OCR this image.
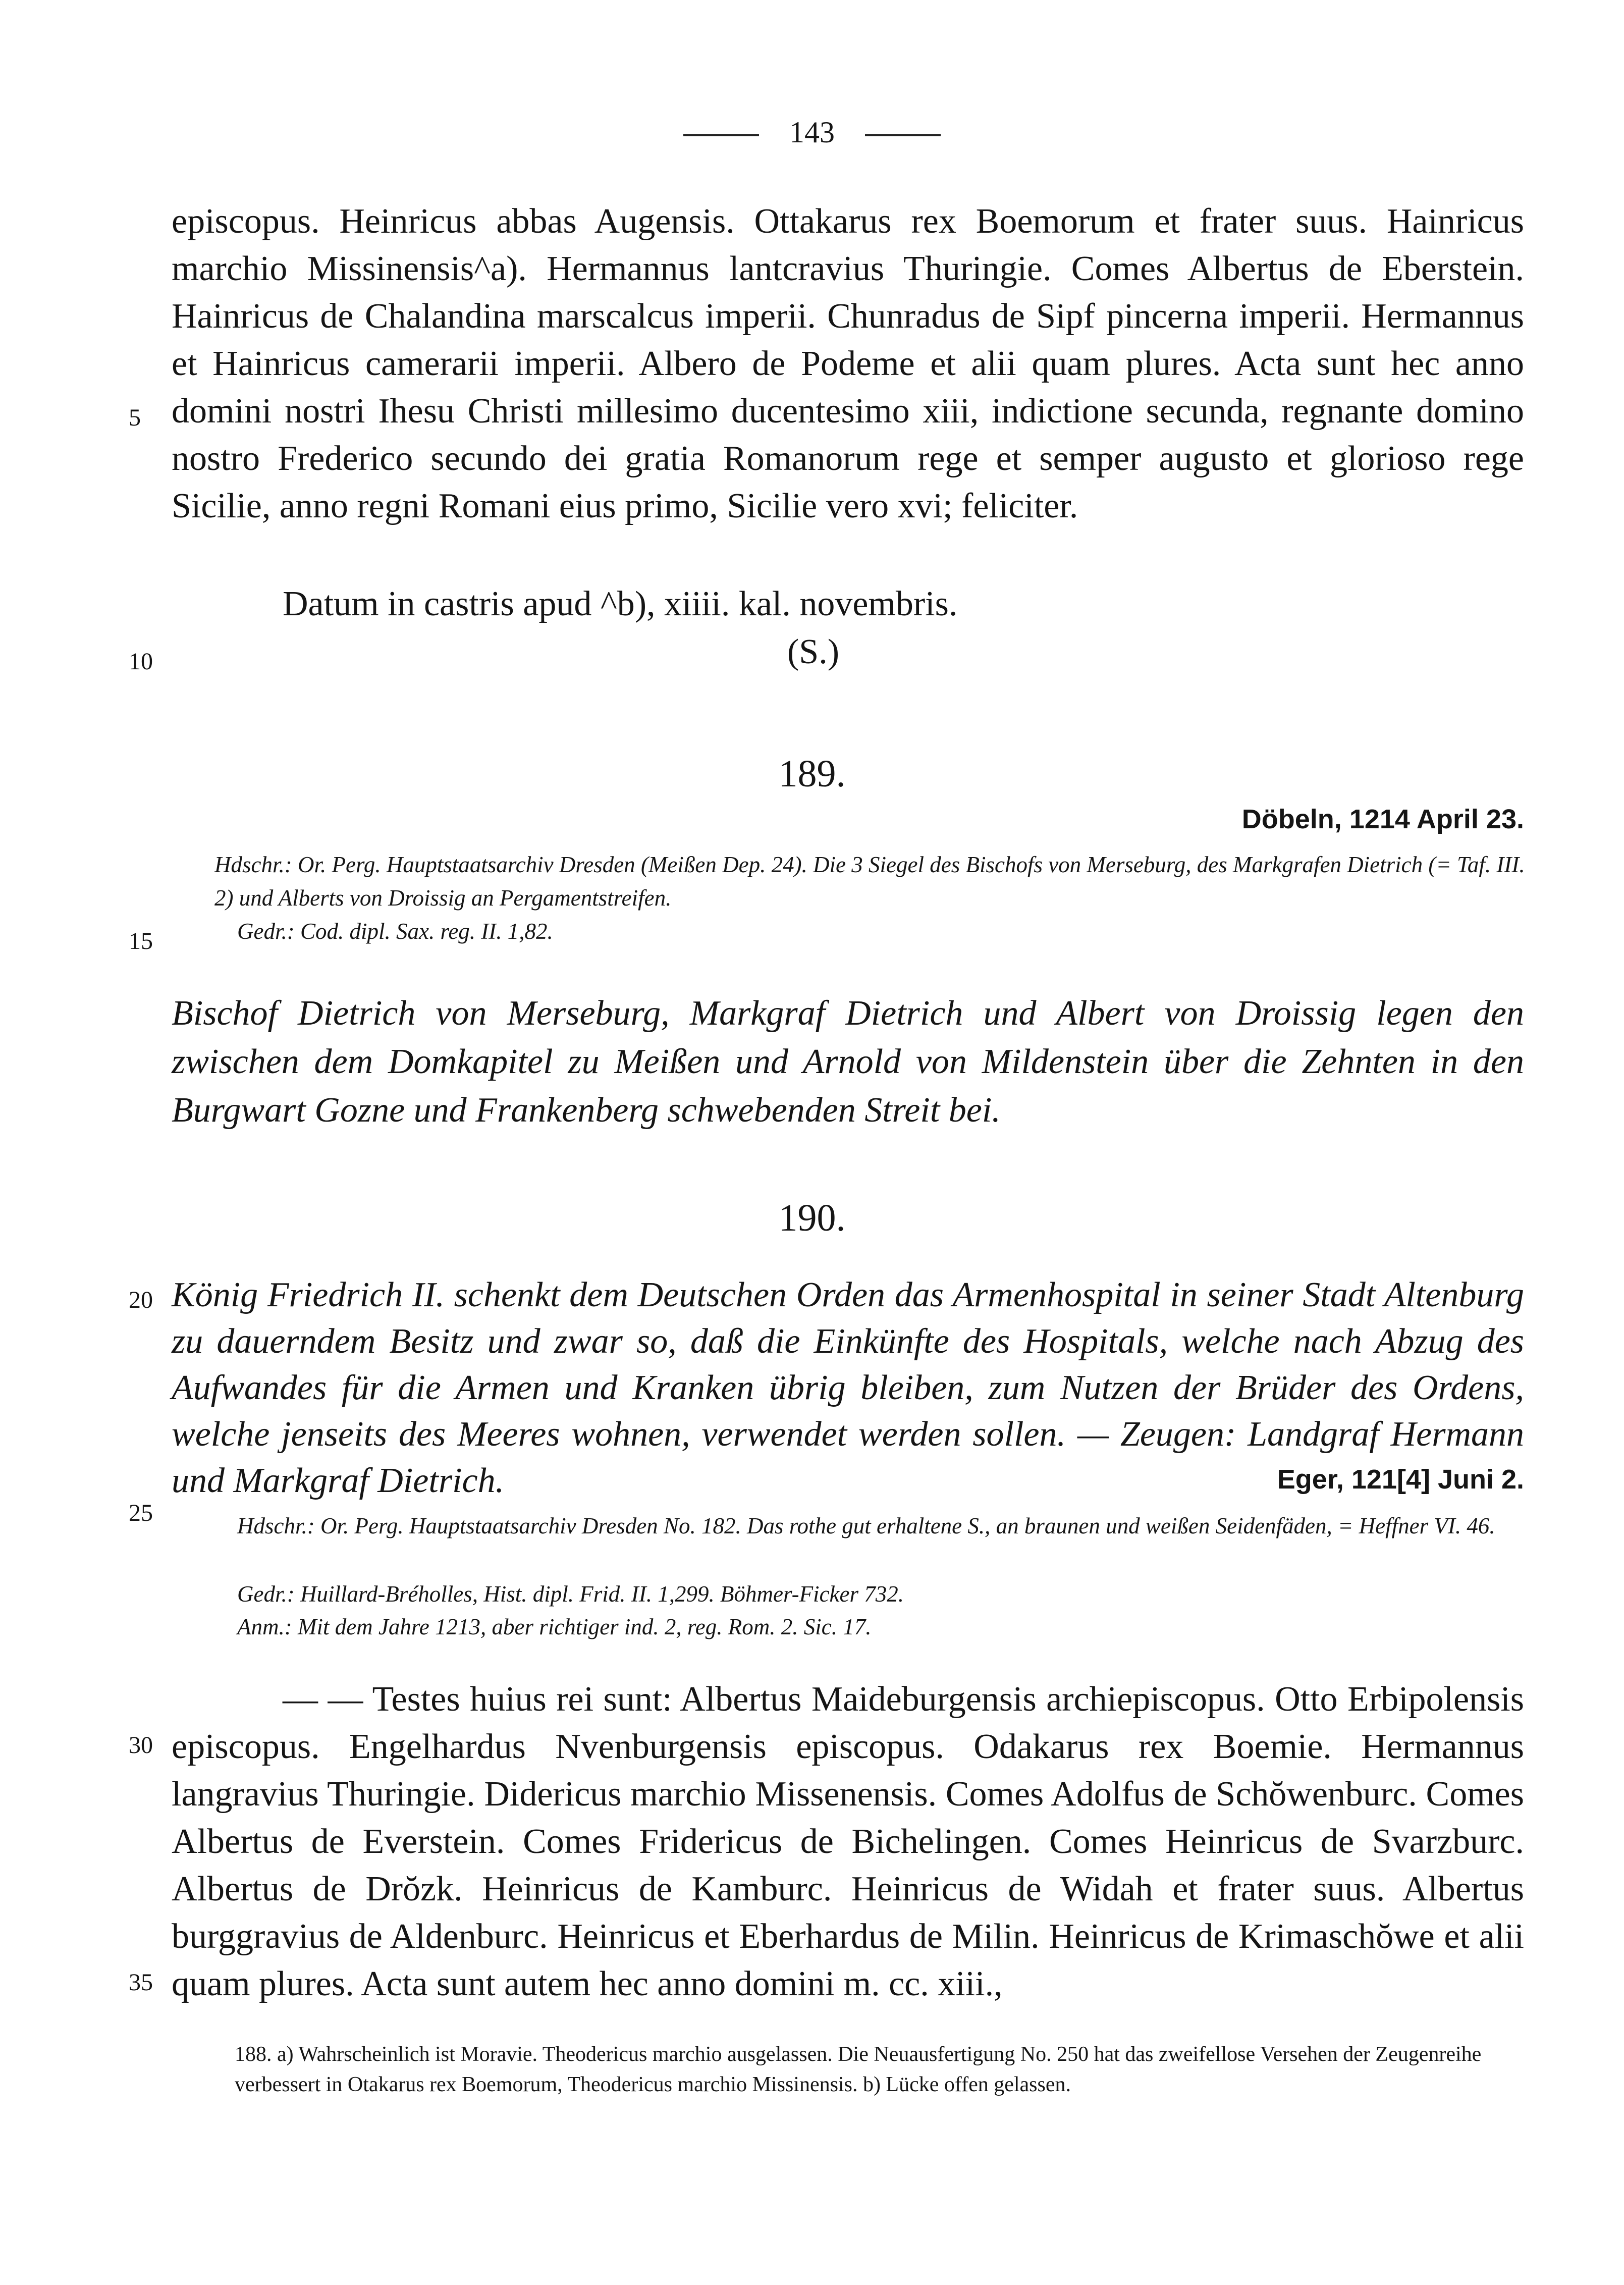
143
5
10
15
20
25
30
35

episcopus. Heinricus abbas Augensis. Ottakarus rex Boemorum et frater suus. Hainricus marchio Missinensis^a). Hermannus lantcravius Thuringie. Comes Albertus de Eberstein. Hainricus de Chalandina marscalcus imperii. Chunradus de Sipf pincerna imperii. Hermannus et Hainricus camerarii imperii. Albero de Podeme et alii quam plures. Acta sunt hec anno domini nostri Ihesu Christi millesimo ducentesimo xiii, indictione secunda, regnante domino nostro Frederico secundo dei gratia Romanorum rege et semper augusto et glorioso rege Sicilie, anno regni Romani eius primo, Sicilie vero xvi; feliciter.

Datum in castris apud ^b), xiiii. kal. novembris.
(S.)
189.
Döbeln, 1214 April 23.
Hdschr.: Or. Perg. Hauptstaatsarchiv Dresden (Meißen Dep. 24). Die 3 Siegel des Bischofs von Merseburg, des Markgrafen Dietrich (= Taf. III. 2) und Alberts von Droissig an Pergamentstreifen.
Gedr.: Cod. dipl. Sax. reg. II. 1,82.
Bischof Dietrich von Merseburg, Markgraf Dietrich und Albert von Droissig legen den zwischen dem Domkapitel zu Meißen und Arnold von Mildenstein über die Zehnten in den Burgwart Gozne und Frankenberg schwebenden Streit bei.
190.
König Friedrich II. schenkt dem Deutschen Orden das Armenhospital in seiner Stadt Altenburg zu dauerndem Besitz und zwar so, daß die Einkünfte des Hospitals, welche nach Abzug des Aufwandes für die Armen und Kranken übrig bleiben, zum Nutzen der Brüder des Ordens, welche jenseits des Meeres wohnen, verwendet werden sollen. — Zeugen: Landgraf Hermann und Markgraf Dietrich.	Eger, 121[4] Juni 2.
Hdschr.: Or. Perg. Hauptstaatsarchiv Dresden No. 182. Das rothe gut erhaltene S., an braunen und weißen Seidenfäden, = Heffner VI. 46.
Gedr.: Huillard-Bréholles, Hist. dipl. Frid. II. 1,299. Böhmer-Ficker 732.
Anm.: Mit dem Jahre 1213, aber richtiger ind. 2, reg. Rom. 2. Sic. 17.

— — Testes huius rei sunt: Albertus Maideburgensis archiepiscopus. Otto Erbipolensis episcopus. Engelhardus Nvenburgensis episcopus. Odakarus rex Boemie. Hermannus langravius Thuringie. Didericus marchio Missenensis. Comes Adolfus de Schŏwenburc. Comes Albertus de Everstein. Comes Fridericus de Bichelingen. Comes Heinricus de Svarzburc. Albertus de Drŏzk. Heinricus de Kamburc. Heinricus de Widah et frater suus. Albertus burggravius de Aldenburc. Heinricus et Eberhardus de Milin. Heinricus de Krimaschŏwe et alii quam plures. Acta sunt autem hec anno domini m. cc. xiii.,

188. a) Wahrscheinlich ist Moravie. Theodericus marchio ausgelassen. Die Neuausfertigung No. 250 hat das zweifellose Versehen der Zeugenreihe verbessert in Otakarus rex Boemorum, Theodericus marchio Missinensis. b) Lücke offen gelassen.
